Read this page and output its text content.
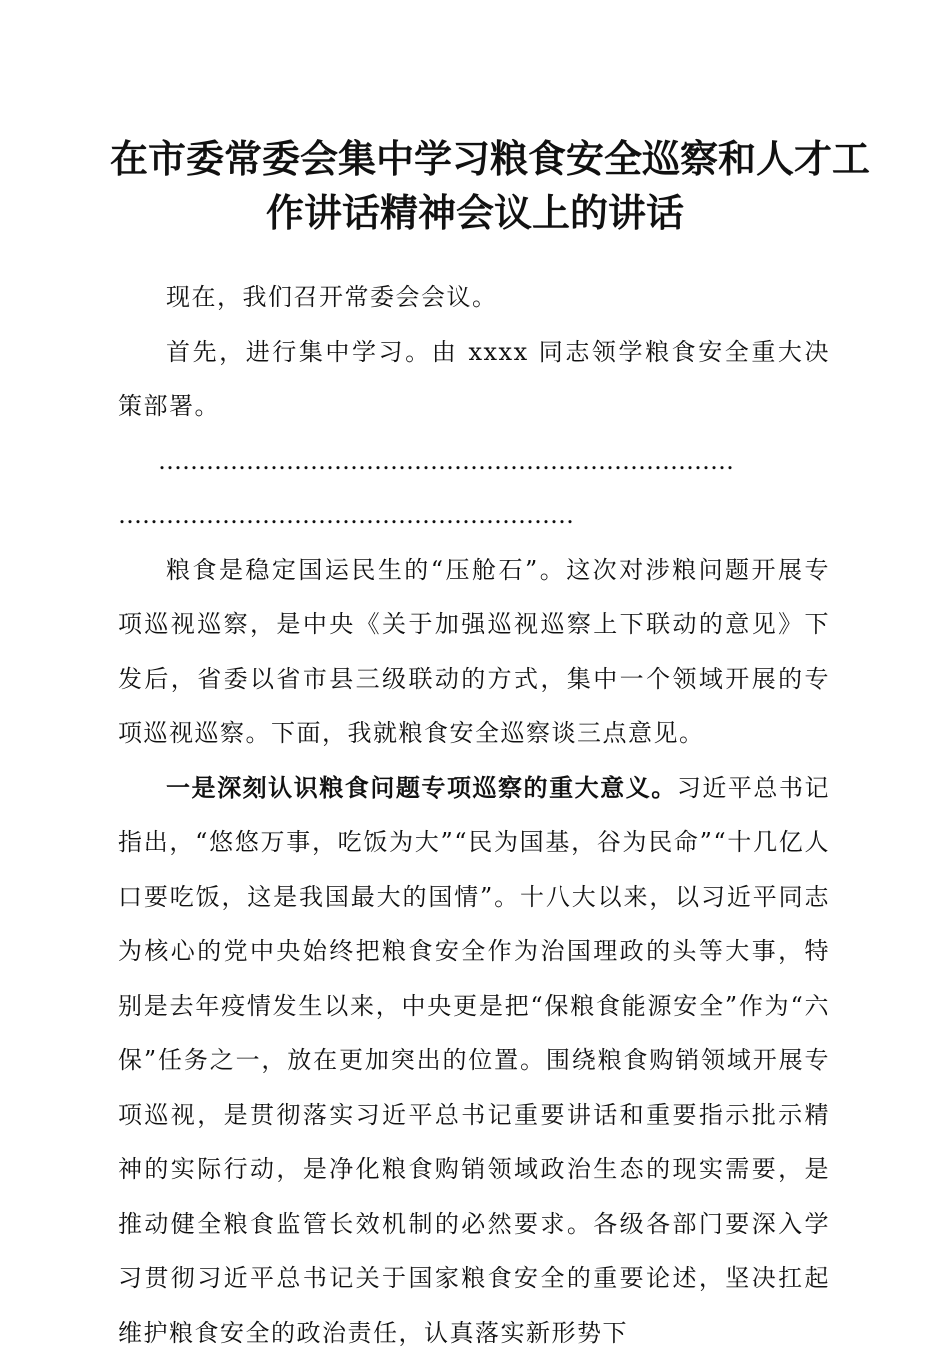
在市委常委会集中学习粮食安全巡察和人才工
作讲话精神会议上的讲话

现在，我们召开常委会会议。

首先，进行集中学习。由 xxxx 同志领学粮食安全重大决策部署。

………………………………………………………………
…………………………………………………

粮食是稳定国运民生的“压舱石”。这次对涉粮问题开展专项巡视巡察，是中央《关于加强巡视巡察上下联动的意见》下发后，省委以省市县三级联动的方式，集中一个领域开展的专项巡视巡察。下面，我就粮食安全巡察谈三点意见。

一是深刻认识粮食问题专项巡察的重大意义。习近平总书记指出，“悠悠万事，吃饭为大”“民为国基，谷为民命”“十几亿人口要吃饭，这是我国最大的国情”。十八大以来，以习近平同志为核心的党中央始终把粮食安全作为治国理政的头等大事，特别是去年疫情发生以来，中央更是把“保粮食能源安全”作为“六保”任务之一，放在更加突出的位置。围绕粮食购销领域开展专项巡视，是贯彻落实习近平总书记重要讲话和重要指示批示精神的实际行动，是净化粮食购销领域政治生态的现实需要，是推动健全粮食监管长效机制的必然要求。各级各部门要深入学习贯彻习近平总书记关于国家粮食安全的重要论述，坚决扛起维护粮食安全的政治责任，认真落实新形势下
